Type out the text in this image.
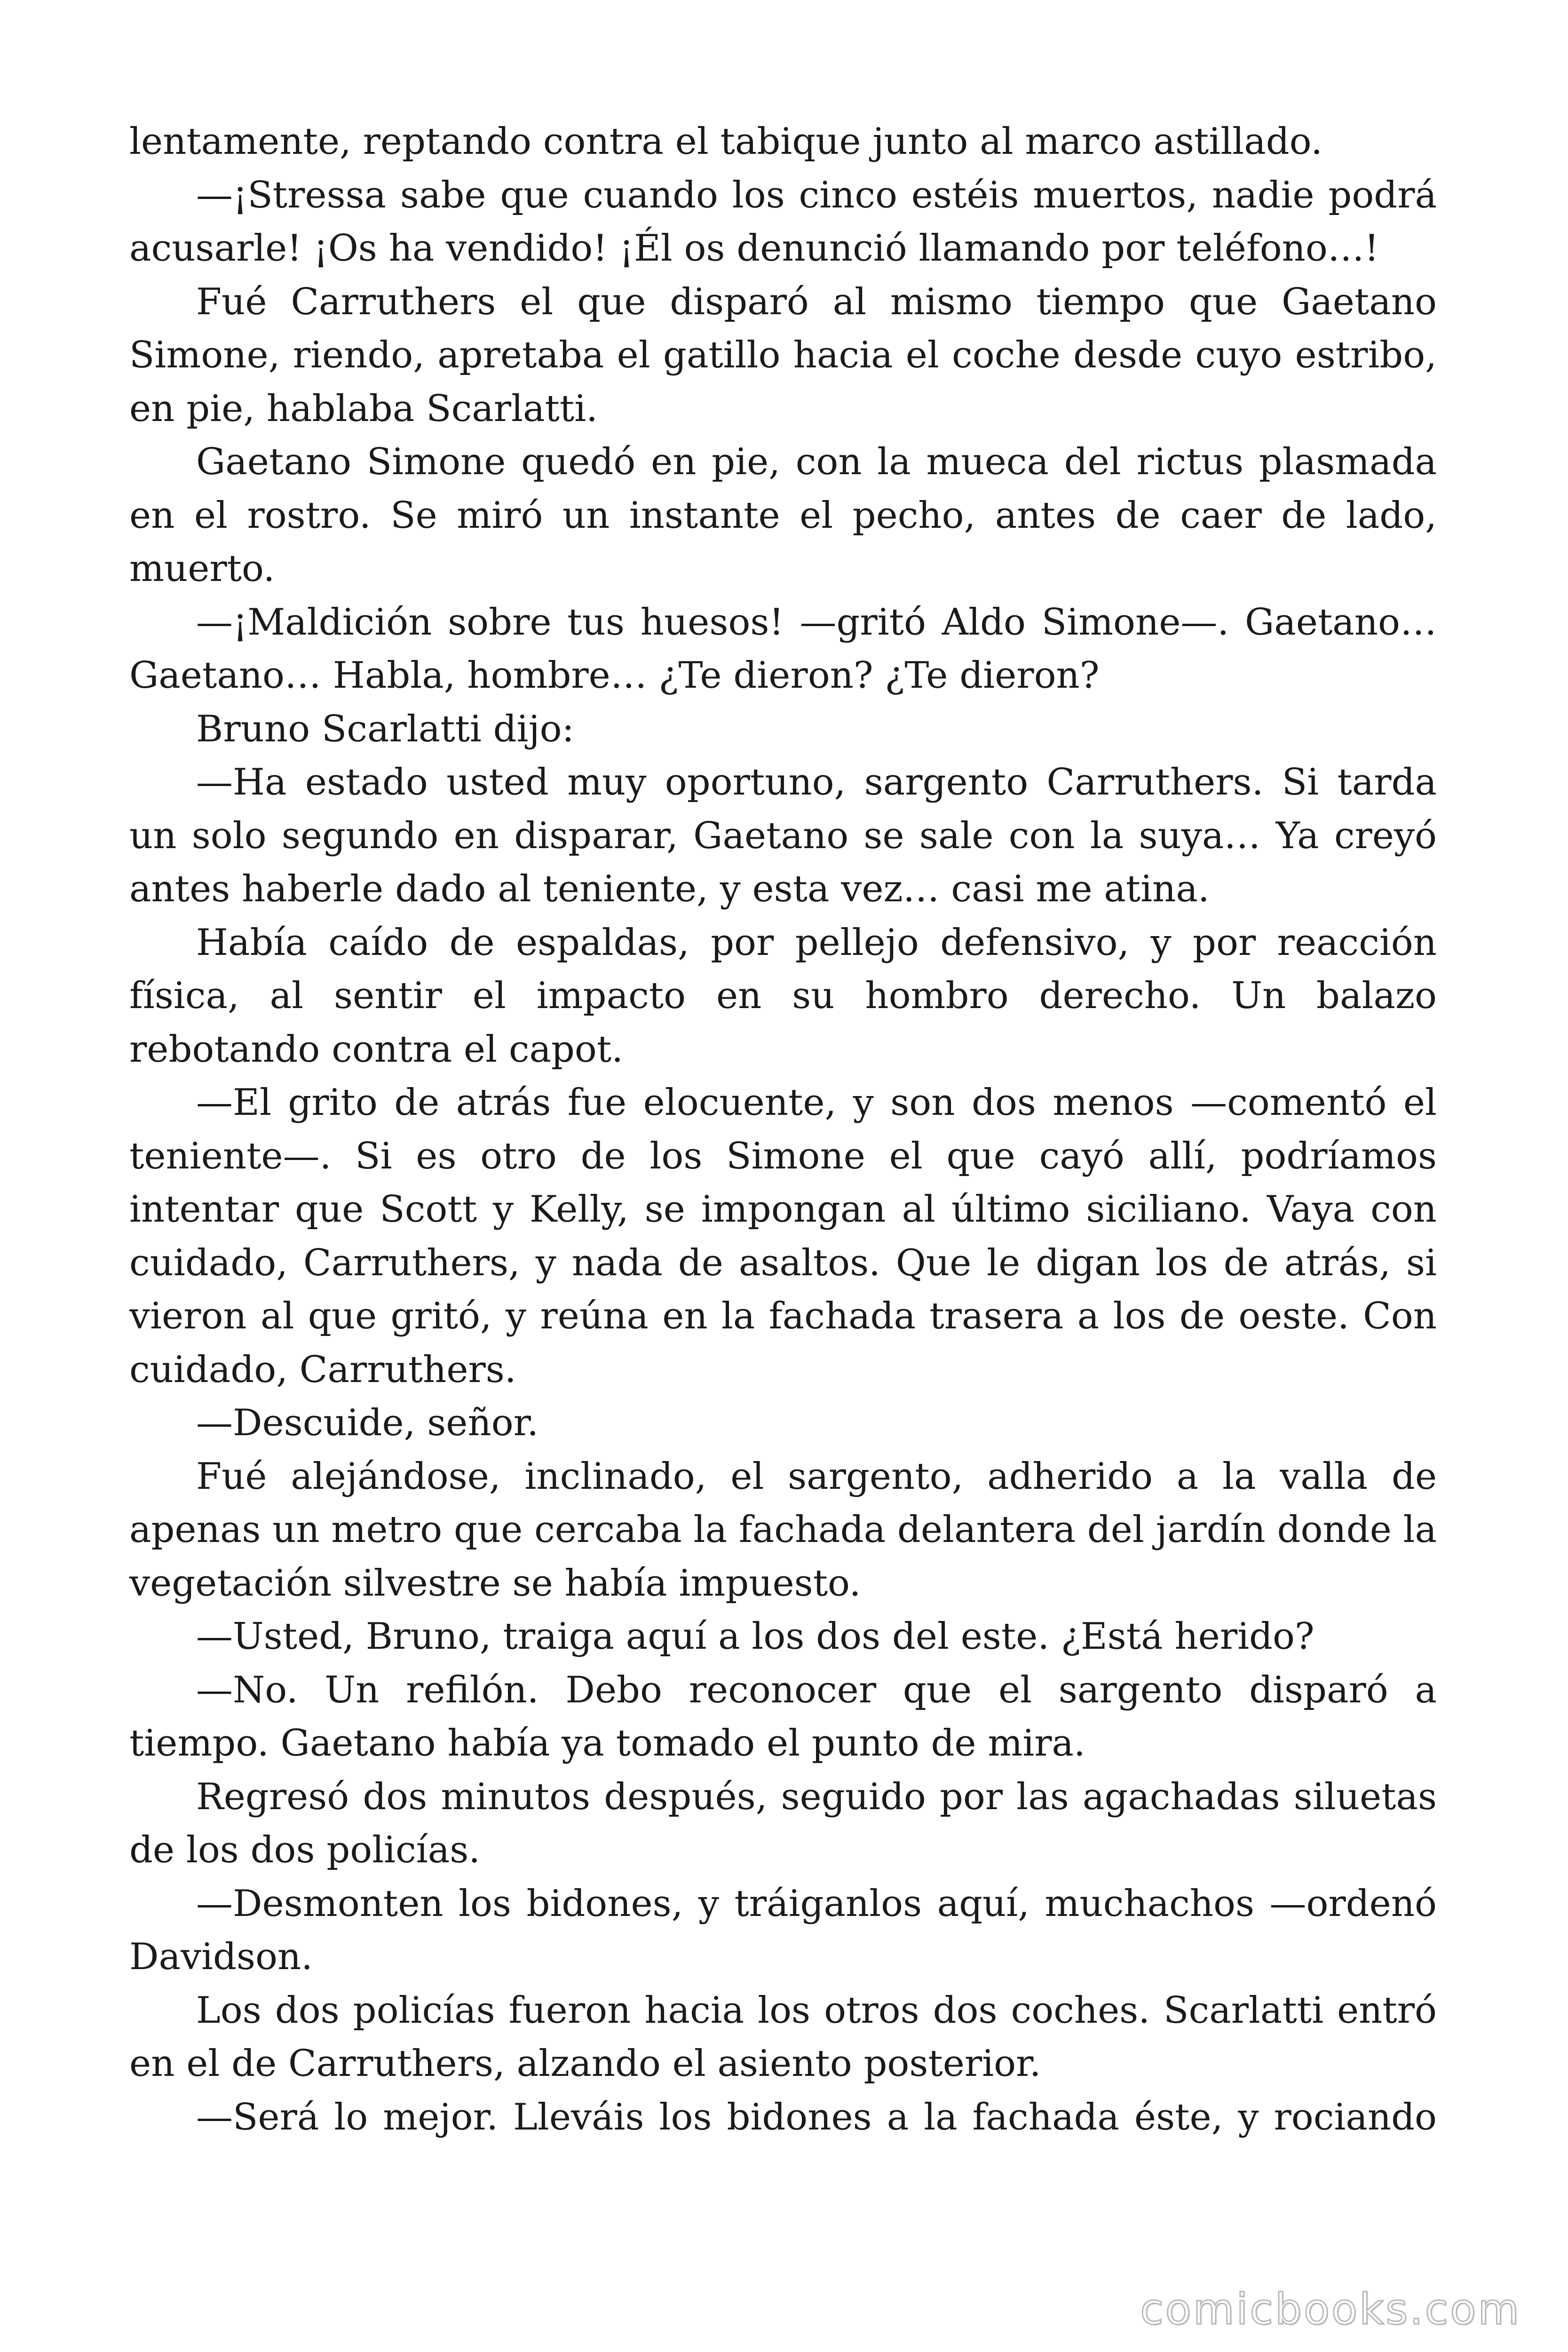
lentamente, reptando contra el tabique junto al marco astillado.

—¡Stressa sabe que cuando los cinco estéis muertos, nadie podrá acusarle! ¡Os ha vendido! ¡Él os denunció llamando por teléfono…!

Fué Carruthers el que disparó al mismo tiempo que Gaetano Simone, riendo, apretaba el gatillo hacia el coche desde cuyo estribo, en pie, hablaba Scarlatti.

Gaetano Simone quedó en pie, con la mueca del rictus plasmada en el rostro. Se miró un instante el pecho, antes de caer de lado, muerto.

—¡Maldición sobre tus huesos! —gritó Aldo Simone—. Gaetano… Gaetano… Habla, hombre… ¿Te dieron? ¿Te dieron?

Bruno Scarlatti dijo:

—Ha estado usted muy oportuno, sargento Carruthers. Si tarda un solo segundo en disparar, Gaetano se sale con la suya… Ya creyó antes haberle dado al teniente, y esta vez… casi me atina.

Había caído de espaldas, por pellejo defensivo, y por reacción física, al sentir el impacto en su hombro derecho. Un balazo rebotando contra el capot.

—El grito de atrás fue elocuente, y son dos menos —comentó el teniente—. Si es otro de los Simone el que cayó allí, podríamos intentar que Scott y Kelly, se impongan al último siciliano. Vaya con cuidado, Carruthers, y nada de asaltos. Que le digan los de atrás, si vieron al que gritó, y reúna en la fachada trasera a los de oeste. Con cuidado, Carruthers.

—Descuide, señor.

Fué alejándose, inclinado, el sargento, adherido a la valla de apenas un metro que cercaba la fachada delantera del jardín donde la vegetación silvestre se había impuesto.

—Usted, Bruno, traiga aquí a los dos del este. ¿Está herido?

—No. Un refilón. Debo reconocer que el sargento disparó a tiempo. Gaetano había ya tomado el punto de mira.

Regresó dos minutos después, seguido por las agachadas siluetas de los dos policías.

—Desmonten los bidones, y tráiganlos aquí, muchachos —ordenó Davidson.

Los dos policías fueron hacia los otros dos coches. Scarlatti entró en el de Carruthers, alzando el asiento posterior.

—Será lo mejor. Lleváis los bidones a la fachada éste, y rociando

comicbooks.com
